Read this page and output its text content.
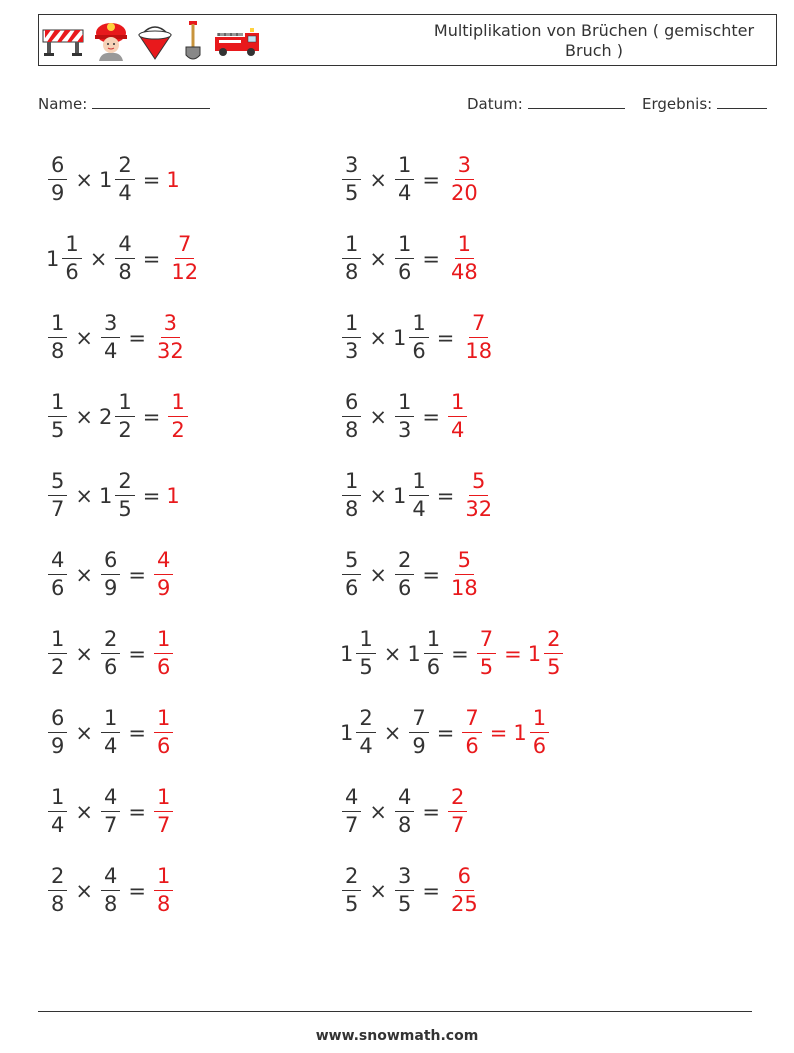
Multiplikation von Brüchen ( gemischter Bruch )
Name:	Datum:	Ergebnis:
$\frac{6}{9} \times 1 \frac{2}{4} = 1$
$1 \frac{1}{6} \times \frac{4}{8} = \frac{7}{12}$
$\frac{1}{8} \times \frac{3}{4} = \frac{3}{32}$
$\frac{1}{5} \times 2 \frac{1}{2} = \frac{1}{2}$
$\frac{5}{7} \times 1 \frac{2}{5} = 1$
$\frac{4}{6} \times \frac{6}{9} = \frac{4}{9}$
$\frac{1}{2} \times \frac{2}{6} = \frac{1}{6}$
$\frac{6}{9} \times \frac{1}{4} = \frac{1}{6}$
$\frac{1}{4} \times \frac{4}{7} = \frac{1}{7}$
$\frac{2}{8} \times \frac{4}{8} = \frac{1}{8}$
$\frac{3}{5} \times \frac{1}{4} = \frac{3}{20}$
$\frac{1}{8} \times \frac{1}{6} = \frac{1}{48}$
$\frac{1}{3} \times 1 \frac{1}{6} = \frac{7}{18}$
$\frac{6}{8} \times \frac{1}{3} = \frac{1}{4}$
$\frac{1}{8} \times 1 \frac{1}{4} = \frac{5}{32}$
$\frac{5}{6} \times \frac{2}{6} = \frac{5}{18}$
$1 \frac{1}{5} \times 1 \frac{1}{6} = \frac{7}{5} = 1 \frac{2}{5}$
$1 \frac{2}{4} \times \frac{7}{9} = \frac{7}{6} = 1 \frac{1}{6}$
$\frac{4}{7} \times \frac{4}{8} = \frac{2}{7}$
$\frac{2}{5} \times \frac{3}{5} = \frac{6}{25}$
www.snowmath.com
